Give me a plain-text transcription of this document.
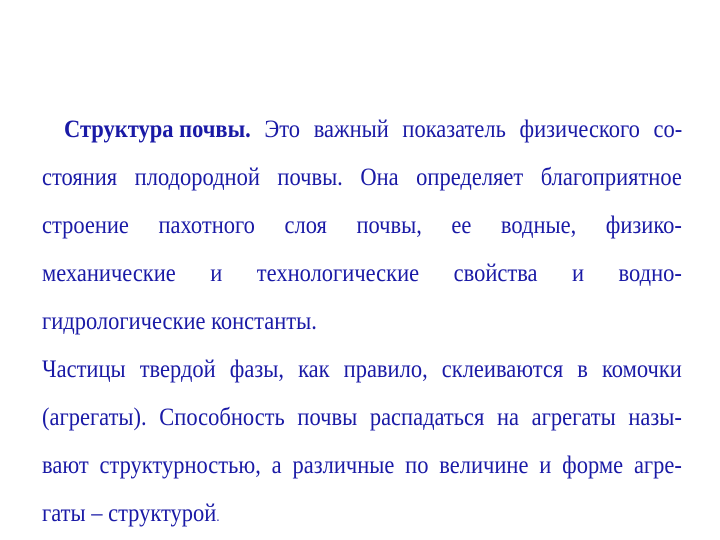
Структура почвы. Это важный показатель физического со-
стояния плодородной почвы. Она определяет благоприятное
строение пахотного слоя почвы, ее водные, физико-
механические и технологические свойства и водно-
гидрологические константы.
Частицы твердой фазы, как правило, склеиваются в комочки
(агрегаты). Способность почвы распадаться на агрегаты назы-
вают структурностью, а различные по величине и форме агре-
гаты – структурой.
